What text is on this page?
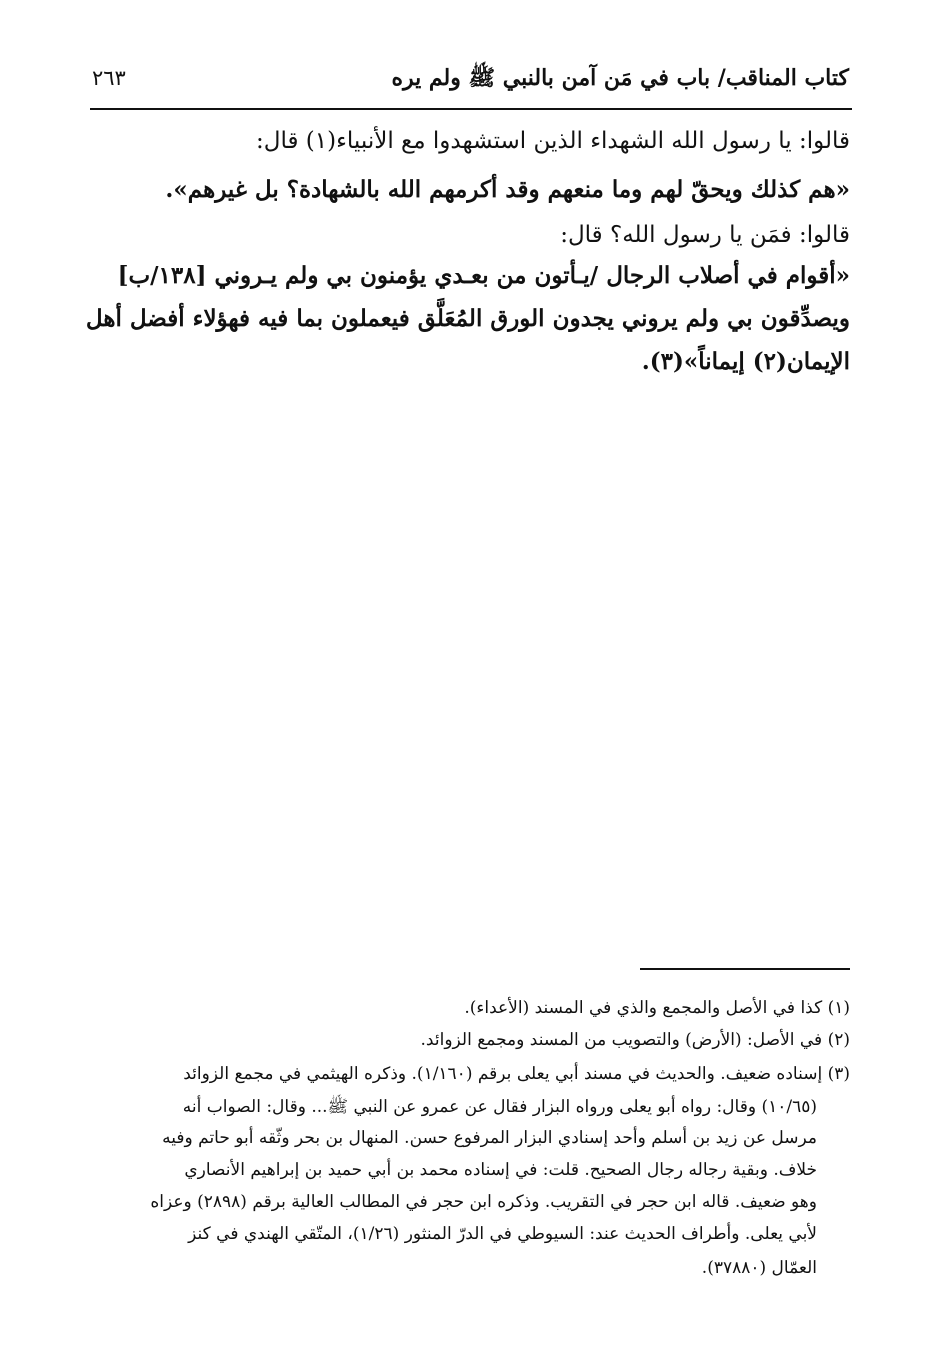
٢٦٣	كتاب المناقب/ باب في مَن آمن بالنبي ﷺ ولم يره
قالوا: يا رسول الله الشهداء الذين استشهدوا مع الأنبياء(١) قال:
«هم كذلك ويحقّ لهم وما منعهم وقد أكرمهم الله بالشهادة؟ بل غيرهم».
قالوا: فمَن يا رسول الله؟ قال:
«أقوام في أصلاب الرجال /يـأتون من بعـدي يؤمنون بي ولم يـروني [١٣٨/ب]
ويصدِّقون بي ولم يروني يجدون الورق المُعَلَّق فيعملون بما فيه فهؤلاء أفضل أهل
الإيمان(٢) إيماناً»(٣).
(١) كذا في الأصل والمجمع والذي في المسند (الأعداء).
(٢) في الأصل: (الأرض) والتصويب من المسند ومجمع الزوائد.
(٣) إسناده ضعيف. والحديث في مسند أبي يعلى برقم (١/١٦٠). وذكره الهيثمي في مجمع الزوائد
(١٠/٦٥) وقال: رواه أبو يعلى ورواه البزار فقال عن عمرو عن النبي ﷺ... وقال: الصواب أنه
مرسل عن زيد بن أسلم وأحد إسنادي البزار المرفوع حسن. المنهال بن بحر وثّقه أبو حاتم وفيه
خلاف. وبقية رجاله رجال الصحيح. قلت: في إسناده محمد بن أبي حميد بن إبراهيم الأنصاري
وهو ضعيف. قاله ابن حجر في التقريب. وذكره ابن حجر في المطالب العالية برقم (٢٨٩٨) وعزاه
لأبي يعلى. وأطراف الحديث عند: السيوطي في الدرّ المنثور (١/٢٦)، المتّقي الهندي في كنز
العمّال (٣٧٨٨٠).
